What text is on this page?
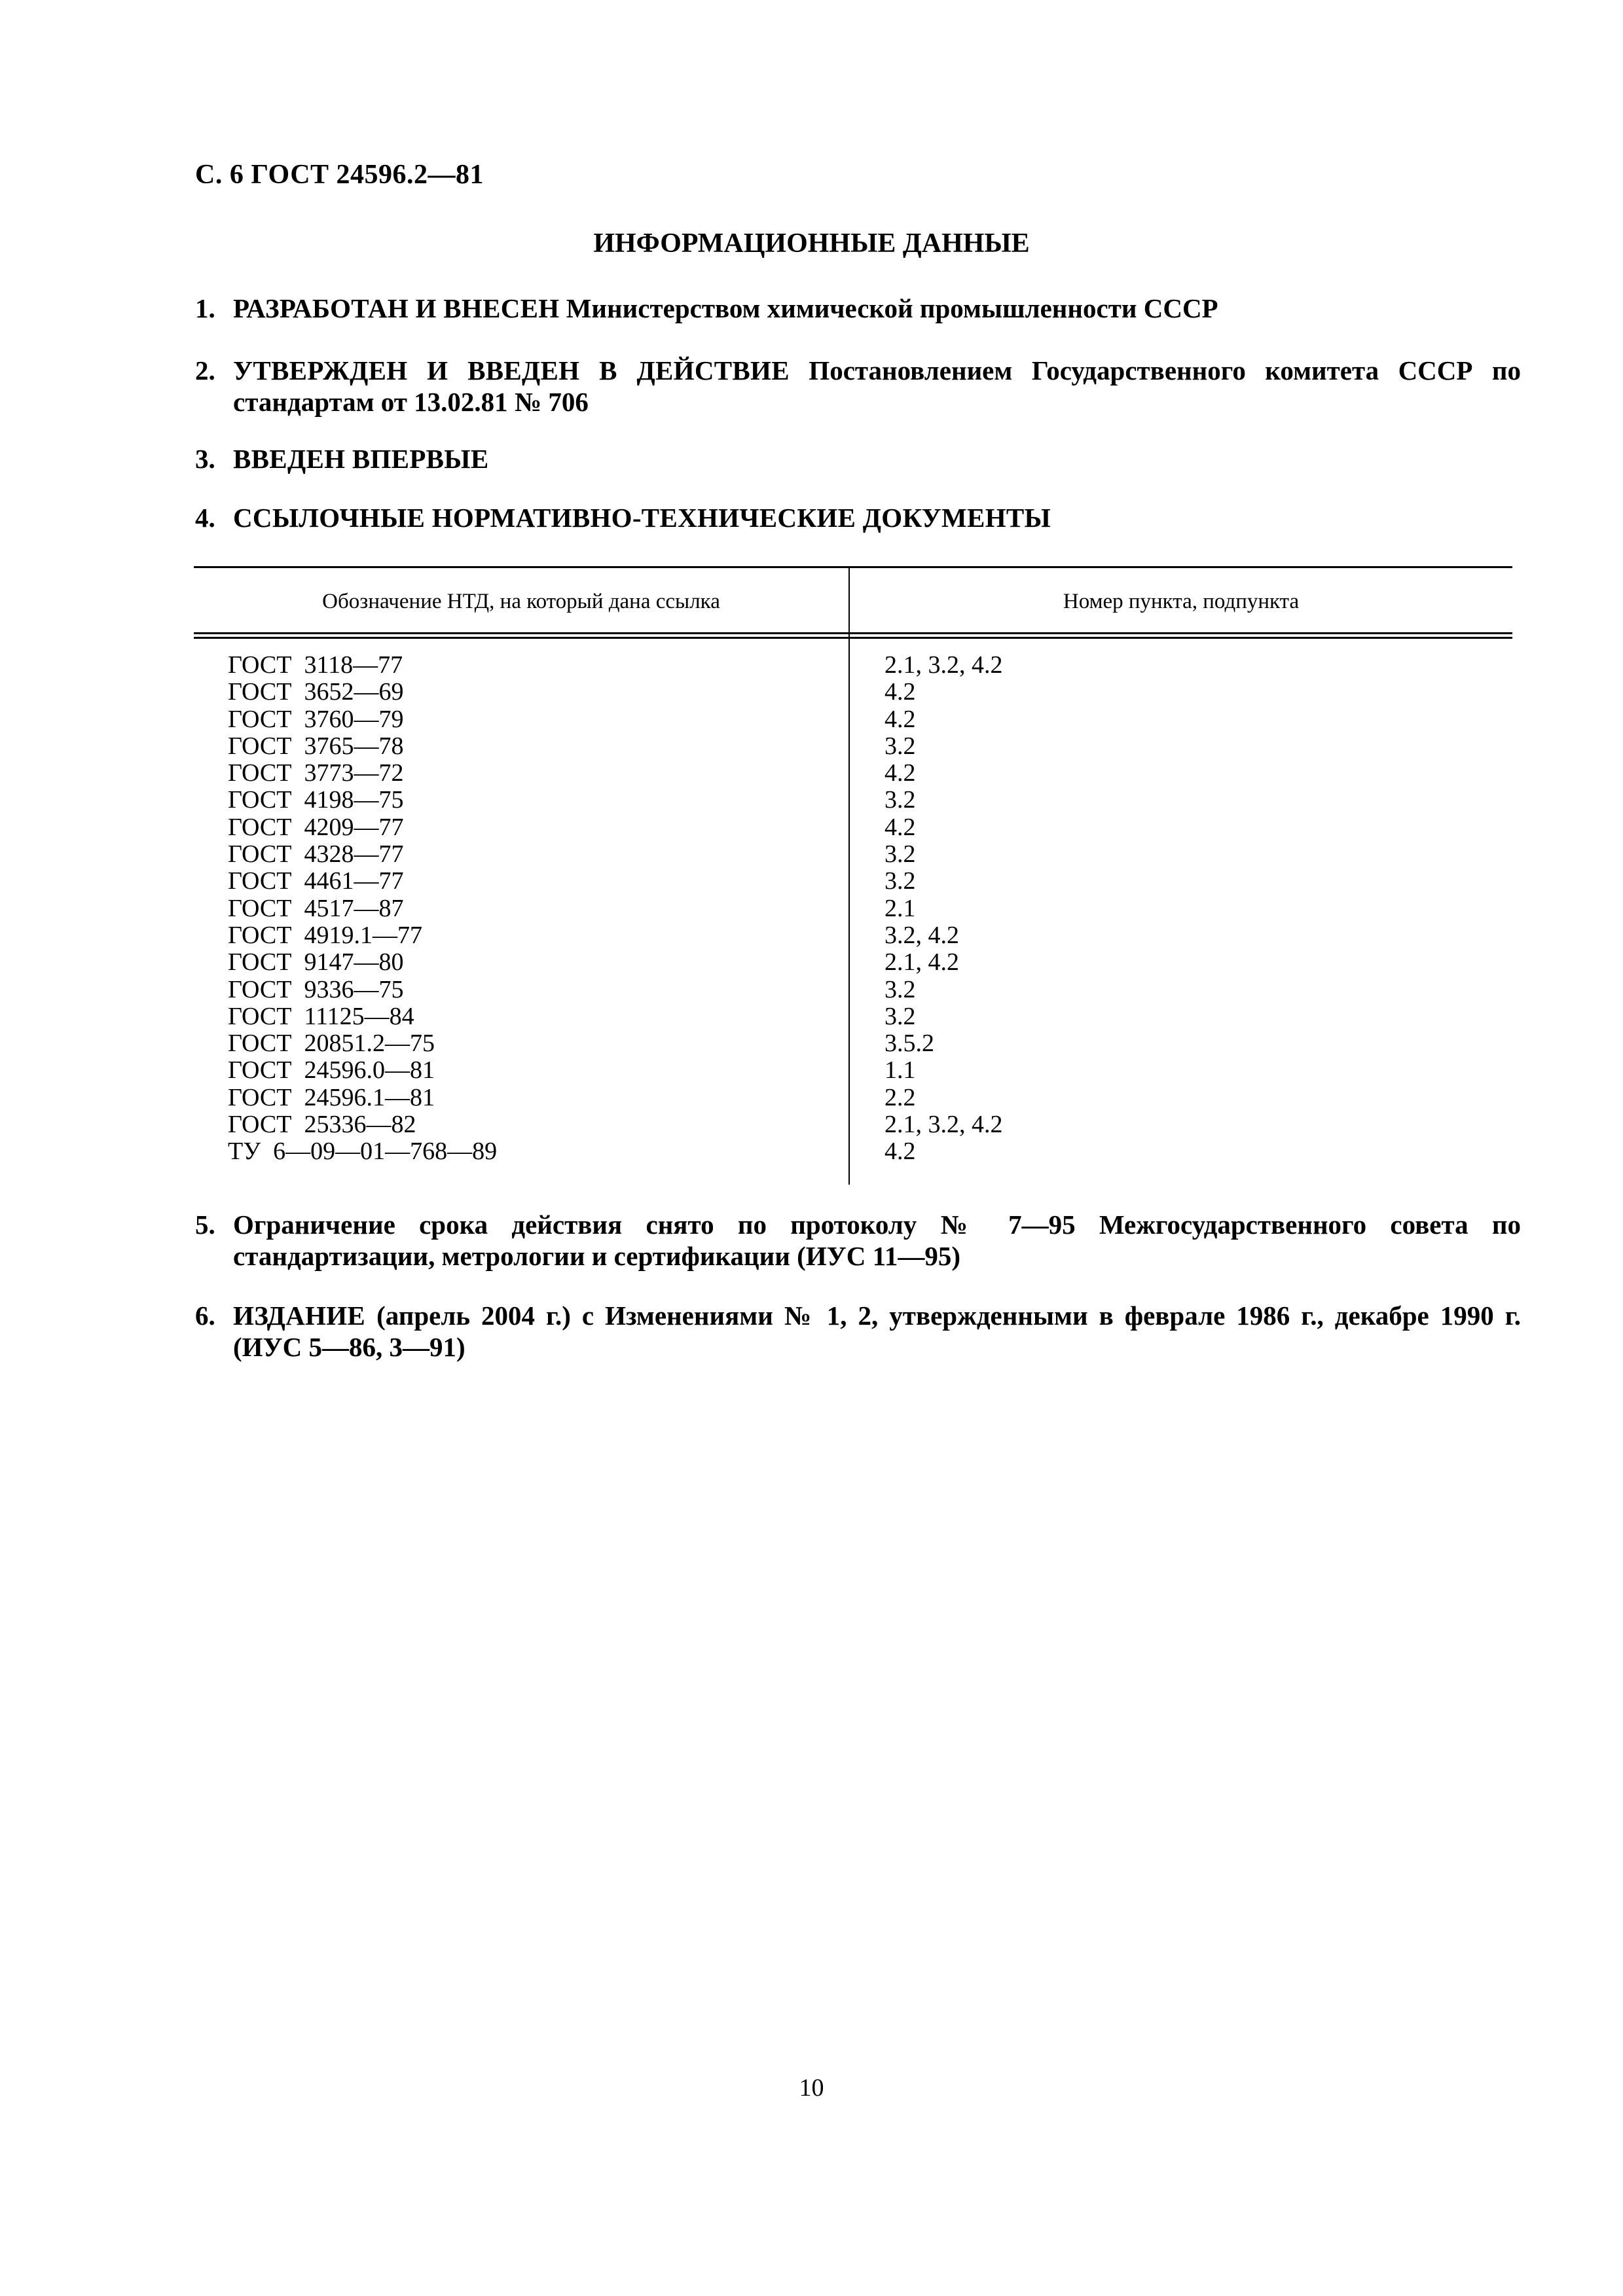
С. 6 ГОСТ 24596.2—81
ИНФОРМАЦИОННЫЕ ДАННЫЕ
1. РАЗРАБОТАН И ВНЕСЕН Министерством химической промышленности СССР
2. УТВЕРЖДЕН И ВВЕДЕН В ДЕЙСТВИЕ Постановлением Государственного комитета СССР по стандартам от 13.02.81 № 706
3. ВВЕДЕН ВПЕРВЫЕ
4. ССЫЛОЧНЫЕ НОРМАТИВНО-ТЕХНИЧЕСКИЕ ДОКУМЕНТЫ
Обозначение НТД, на который дана ссылка	Номер пункта, подпункта
ГОСТ  3118—77
ГОСТ  3652—69
ГОСТ  3760—79
ГОСТ  3765—78
ГОСТ  3773—72
ГОСТ  4198—75
ГОСТ  4209—77
ГОСТ  4328—77
ГОСТ  4461—77
ГОСТ  4517—87
ГОСТ  4919.1—77
ГОСТ  9147—80
ГОСТ  9336—75
ГОСТ  11125—84
ГОСТ  20851.2—75
ГОСТ  24596.0—81
ГОСТ  24596.1—81
ГОСТ  25336—82
ТУ  6—09—01—768—89
2.1, 3.2, 4.2
4.2
4.2
3.2
4.2
3.2
4.2
3.2
3.2
2.1
3.2, 4.2
2.1, 4.2
3.2
3.2
3.5.2
1.1
2.2
2.1, 3.2, 4.2
4.2
5. Ограничение срока действия снято по протоколу № 7—95 Межгосударственного совета по стандартизации, метрологии и сертификации (ИУС 11—95)
6. ИЗДАНИЕ (апрель 2004 г.) с Изменениями № 1, 2, утвержденными в феврале 1986 г., декабре 1990 г. (ИУС 5—86, 3—91)
10
